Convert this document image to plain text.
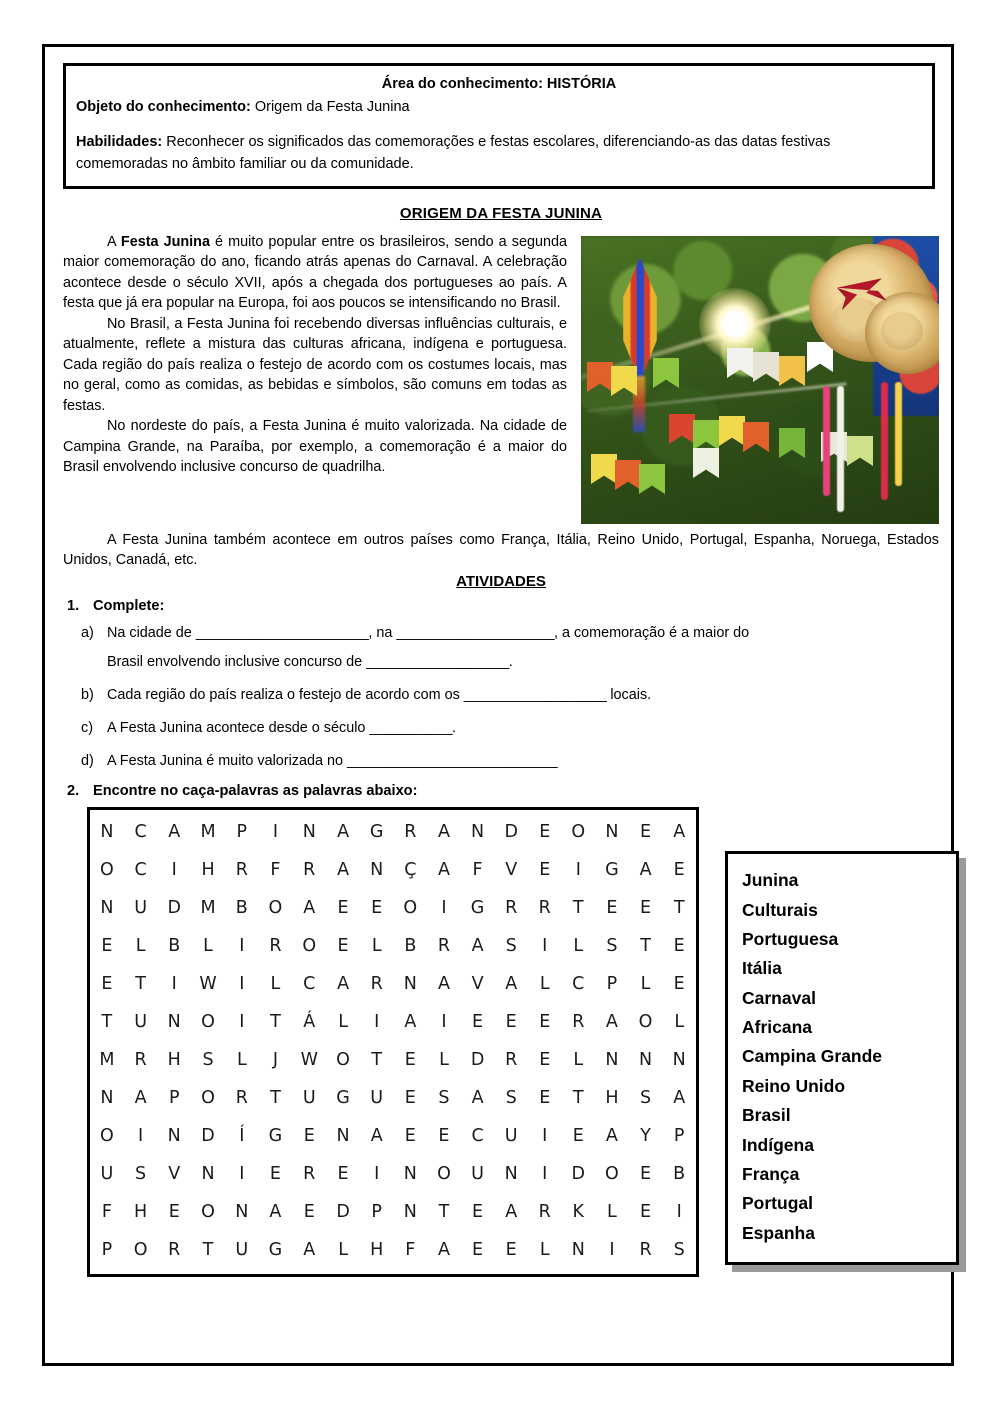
Área do conhecimento: HISTÓRIA
Objeto do conhecimento: Origem da Festa Junina
Habilidades: Reconhecer os significados das comemorações e festas escolares, diferenciando-as das datas festivas comemoradas no âmbito familiar ou da comunidade.
ORIGEM DA FESTA JUNINA

A Festa Junina é muito popular entre os brasileiros, sendo a segunda maior comemoração do ano, ficando atrás apenas do Carnaval. A celebração acontece desde o século XVII, após a chegada dos portugueses ao país. A festa que já era popular na Europa, foi aos poucos se intensificando no Brasil.

No Brasil, a Festa Junina foi recebendo diversas influências culturais, e atualmente, reflete a mistura das culturas africana, indígena e portuguesa. Cada região do país realiza o festejo de acordo com os costumes locais, mas no geral, como as comidas, as bebidas e símbolos, são comuns em todas as festas.

No nordeste do país, a Festa Junina é muito valorizada. Na cidade de Campina Grande, na Paraíba, por exemplo, a comemoração é a maior do Brasil envolvendo inclusive concurso de quadrilha.

A Festa Junina também acontece em outros países como França, Itália, Reino Unido, Portugal, Espanha, Noruega, Estados Unidos, Canadá, etc.

ATIVIDADES
1. Complete:
a) Na cidade de _______________________, na _____________________, a comemoração é a maior do
Brasil envolvendo inclusive concurso de ___________________.
b) Cada região do país realiza o festejo de acordo com os ___________________ locais.
c) A Festa Junina acontece desde o século ___________.
d) A Festa Junina é muito valorizada no ____________________________
2. Encontre no caça-palavras as palavras abaixo:
N	C	A	M	P	I	N	A	G	R	A	N	D	E	O	N	E	A
O	C	I	H	R	F	R	A	N	Ç	A	F	V	E	I	G	A	E
N	U	D	M	B	O	A	E	E	O	I	G	R	R	T	E	E	T
E	L	B	L	I	R	O	E	L	B	R	A	S	I	L	S	T	E
E	T	I	W	I	L	C	A	R	N	A	V	A	L	C	P	L	E
T	U	N	O	I	T	Á	L	I	A	I	E	E	E	R	A	O	L
M	R	H	S	L	J	W	O	T	E	L	D	R	E	L	N	N	N
N	A	P	O	R	T	U	G	U	E	S	A	S	E	T	H	S	A
O	I	N	D	Í	G	E	N	A	E	E	C	U	I	E	A	Y	P
U	S	V	N	I	E	R	E	I	N	O	U	N	I	D	O	E	B
F	H	E	O	N	A	E	D	P	N	T	E	A	R	K	L	E	I
P	O	R	T	U	G	A	L	H	F	A	E	E	L	N	I	R	S
Junina
Culturais
Portuguesa
Itália
Carnaval
Africana
Campina Grande
Reino Unido
Brasil
Indígena
França
Portugal
Espanha
